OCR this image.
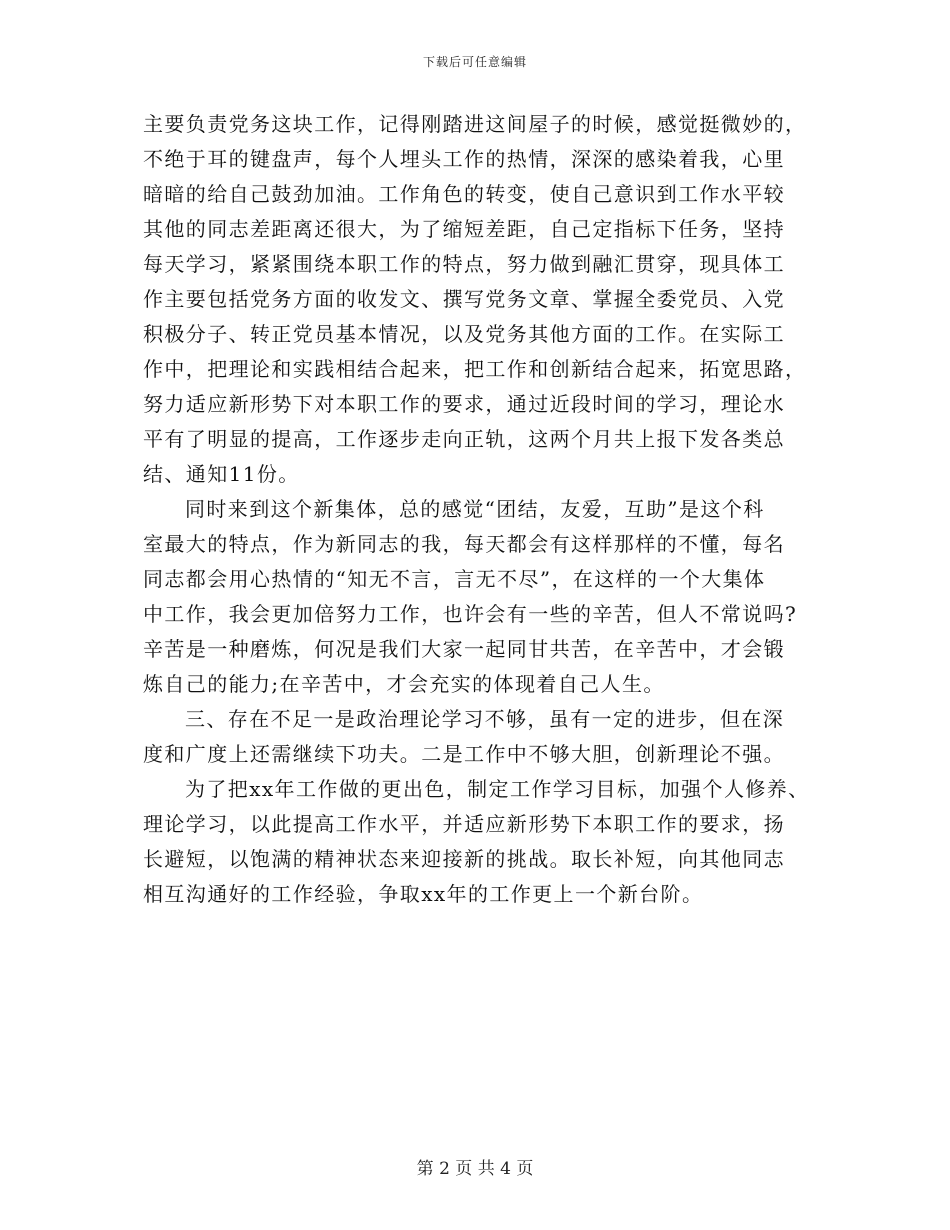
下载后可任意编辑
主要负责党务这块工作，记得刚踏进这间屋子的时候，感觉挺微妙的，
不绝于耳的键盘声，每个人埋头工作的热情，深深的感染着我，心里
暗暗的给自己鼓劲加油。工作角色的转变，使自己意识到工作水平较
其他的同志差距离还很大，为了缩短差距，自己定指标下任务，坚持
每天学习，紧紧围绕本职工作的特点，努力做到融汇贯穿，现具体工
作主要包括党务方面的收发文、撰写党务文章、掌握全委党员、入党
积极分子、转正党员基本情况，以及党务其他方面的工作。在实际工
作中，把理论和实践相结合起来，把工作和创新结合起来，拓宽思路，
努力适应新形势下对本职工作的要求，通过近段时间的学习，理论水
平有了明显的提高，工作逐步走向正轨，这两个月共上报下发各类总
结、通知11份。
同时来到这个新集体，总的感觉“团结，友爱，互助”是这个科
室最大的特点，作为新同志的我，每天都会有这样那样的不懂，每名
同志都会用心热情的“知无不言，言无不尽”，在这样的一个大集体
中工作，我会更加倍努力工作，也许会有一些的辛苦，但人不常说吗?
辛苦是一种磨炼，何况是我们大家一起同甘共苦，在辛苦中，才会锻
炼自己的能力;在辛苦中，才会充实的体现着自己人生。
三、存在不足一是政治理论学习不够，虽有一定的进步，但在深
度和广度上还需继续下功夫。二是工作中不够大胆，创新理论不强。
为了把xx年工作做的更出色，制定工作学习目标，加强个人修养、
理论学习，以此提高工作水平，并适应新形势下本职工作的要求，扬
长避短，以饱满的精神状态来迎接新的挑战。取长补短，向其他同志
相互沟通好的工作经验，争取xx年的工作更上一个新台阶。
第 2 页 共 4 页
